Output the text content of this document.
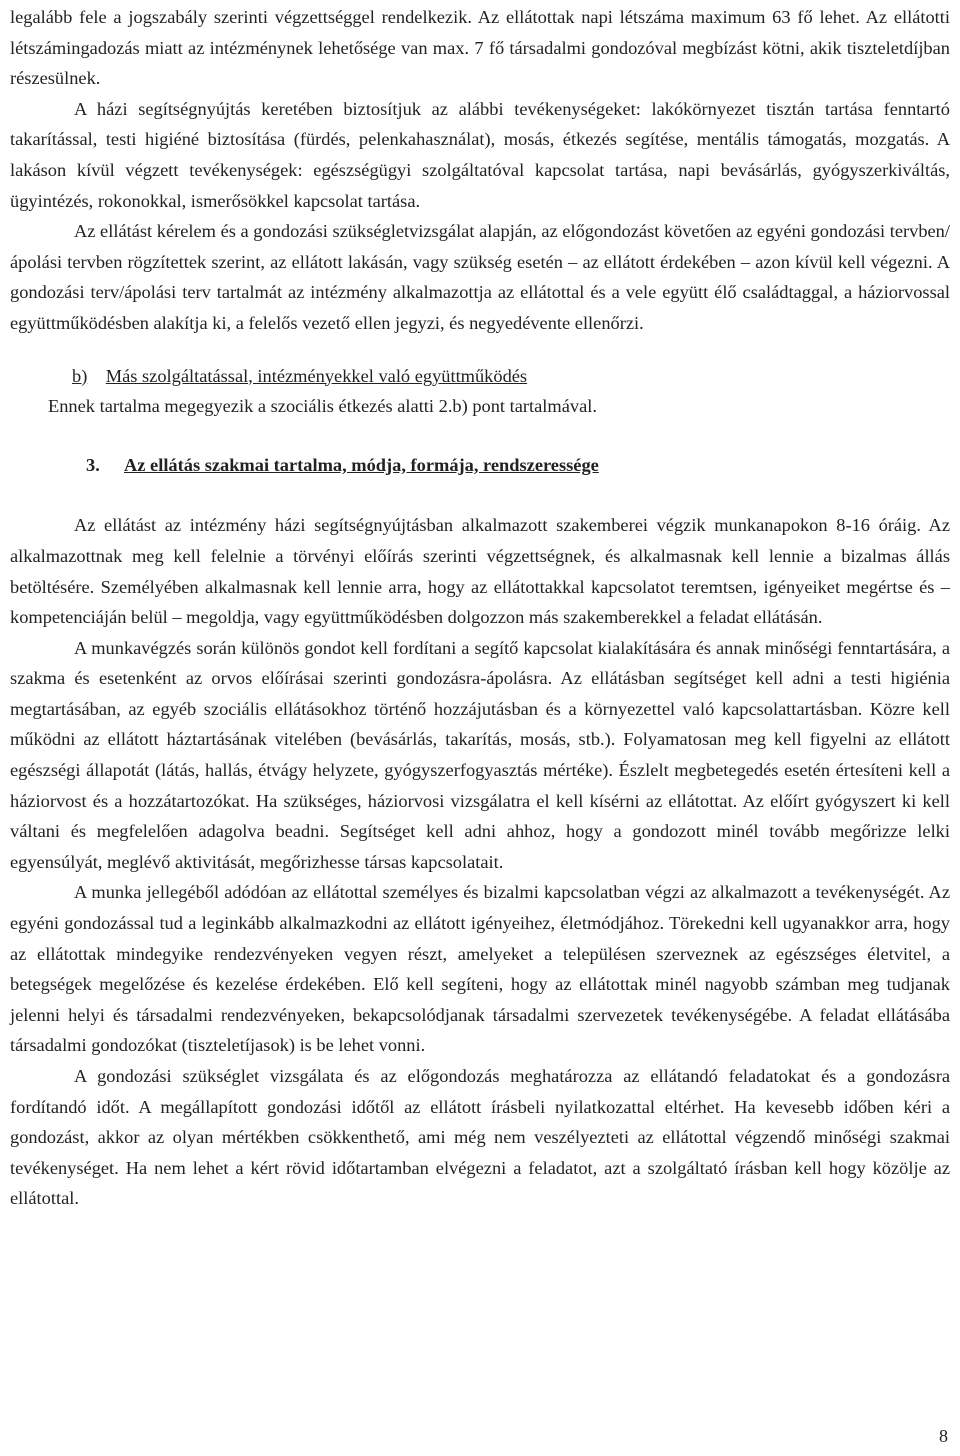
legalább fele a jogszabály szerinti végzettséggel rendelkezik. Az ellátottak napi létszáma maximum 63 fő lehet. Az ellátotti létszámingadozás miatt az intézménynek lehetősége van max. 7 fő társadalmi gondozóval megbízást kötni, akik tiszteletdíjban részesülnek.

A házi segítségnyújtás keretében biztosítjuk az alábbi tevékenységeket: lakókörnyezet tisztán tartása fenntartó takarítással, testi higiéné biztosítása (fürdés, pelenkahasználat), mosás, étkezés segítése, mentális támogatás, mozgatás. A lakáson kívül végzett tevékenységek: egészségügyi szolgáltatóval kapcsolat tartása, napi bevásárlás, gyógyszerkiváltás, ügyintézés, rokonokkal, ismerősökkel kapcsolat tartása.

Az ellátást kérelem és a gondozási szükségletvizsgálat alapján, az előgondozást követően az egyéni gondozási tervben/ápolási tervben rögzítettek szerint, az ellátott lakásán, vagy szükség esetén – az ellátott érdekében – azon kívül kell végezni. A gondozási terv/ápolási terv tartalmát az intézmény alkalmazottja az ellátottal és a vele együtt élő családtaggal, a háziorvossal együttműködésben alakítja ki, a felelős vezető ellen jegyzi, és negyedévente ellenőrzi.

b) Más szolgáltatással, intézményekkel való együttműködés
Ennek tartalma megegyezik a szociális étkezés alatti 2.b) pont tartalmával.
3. Az ellátás szakmai tartalma, módja, formája, rendszeressége

Az ellátást az intézmény házi segítségnyújtásban alkalmazott szakemberei végzik munkanapokon 8-16 óráig. Az alkalmazottnak meg kell felelnie a törvényi előírás szerinti végzettségnek, és alkalmasnak kell lennie a bizalmas állás betöltésére. Személyében alkalmasnak kell lennie arra, hogy az ellátottakkal kapcsolatot teremtsen, igényeiket megértse és – kompetenciáján belül – megoldja, vagy együttműködésben dolgozzon más szakemberekkel a feladat ellátásán.

A munkavégzés során különös gondot kell fordítani a segítő kapcsolat kialakítására és annak minőségi fenntartására, a szakma és esetenként az orvos előírásai szerinti gondozásra-ápolásra. Az ellátásban segítséget kell adni a testi higiénia megtartásában, az egyéb szociális ellátásokhoz történő hozzájutásban és a környezettel való kapcsolattartásban. Közre kell működni az ellátott háztartásának vitelében (bevásárlás, takarítás, mosás, stb.). Folyamatosan meg kell figyelni az ellátott egészségi állapotát (látás, hallás, étvágy helyzete, gyógyszerfogyasztás mértéke). Észlelt megbetegedés esetén értesíteni kell a háziorvost és a hozzátartozókat. Ha szükséges, háziorvosi vizsgálatra el kell kísérni az ellátottat. Az előírt gyógyszert ki kell váltani és megfelelően adagolva beadni. Segítséget kell adni ahhoz, hogy a gondozott minél tovább megőrizze lelki egyensúlyát, meglévő aktivitását, megőrizhesse társas kapcsolatait.

A munka jellegéből adódóan az ellátottal személyes és bizalmi kapcsolatban végzi az alkalmazott a tevékenységét. Az egyéni gondozással tud a leginkább alkalmazkodni az ellátott igényeihez, életmódjához. Törekedni kell ugyanakkor arra, hogy az ellátottak mindegyike rendezvényeken vegyen részt, amelyeket a településen szerveznek az egészséges életvitel, a betegségek megelőzése és kezelése érdekében. Elő kell segíteni, hogy az ellátottak minél nagyobb számban meg tudjanak jelenni helyi és társadalmi rendezvényeken, bekapcsolódjanak társadalmi szervezetek tevékenységébe. A feladat ellátásába társadalmi gondozókat (tiszteletíjasok) is be lehet vonni.

A gondozási szükséglet vizsgálata és az előgondozás meghatározza az ellátandó feladatokat és a gondozásra fordítandó időt. A megállapított gondozási időtől az ellátott írásbeli nyilatkozattal eltérhet. Ha kevesebb időben kéri a gondozást, akkor az olyan mértékben csökkenthető, ami még nem veszélyezteti az ellátottal végzendő minőségi szakmai tevékenységet. Ha nem lehet a kért rövid időtartamban elvégezni a feladatot, azt a szolgáltató írásban kell hogy közölje az ellátottal.

8
